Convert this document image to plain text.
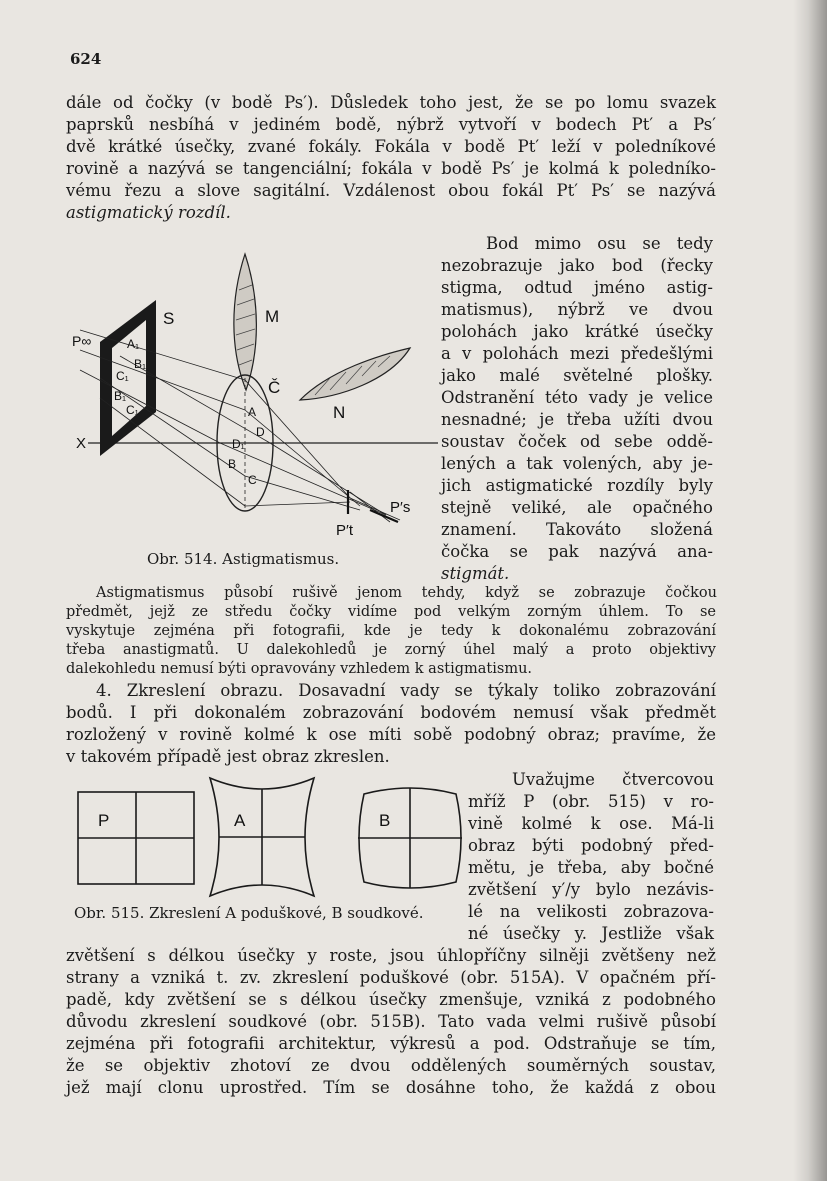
624
dále od čočky (v bodě Ps′). Důsledek toho jest, že se po lomu svazek
paprsků nesbíhá v jediném bodě, nýbrž vytvoří v bodech Pt′ a Ps′
dvě krátké úsečky, zvané fokály. Fokála v bodě Pt′ leží v poledníkové
rovině a nazývá se tangenciální; fokála v bodě Ps′ je kolmá k poledníko-
vému řezu a slove sagitální. Vzdálenost obou fokál Pt′ Ps′ se nazývá
astigmatický rozdíl.
Bod mimo osu se tedy
nezobrazuje jako bod (řecky
stigma, odtud jméno astig-
matismus), nýbrž ve dvou
polohách jako krátké úsečky
a v polohách mezi předešlými
jako malé světelné plošky.
Odstranění této vady je velice
nesnadné; je třeba užíti dvou
soustav čoček od sebe oddě-
lených a tak volených, aby je-
jich astigmatické rozdíly byly
stejně veliké, ale opačného
znamení. Takováto složená
čočka se pak nazývá ana-
stigmát.
S	M
Č
N
P∞
X
P′s
P′t
A₁
B₁
C₁
B₁
C₁	A
D
D₁
B
C
Obr. 514. Astigmatismus.
Astigmatismus působí rušivě jenom tehdy, když se zobrazuje čočkou
předmět, jejž ze středu čočky vidíme pod velkým zorným úhlem. To se
vyskytuje zejména při fotografii, kde je tedy k dokonalému zobrazování
třeba anastigmatů. U dalekohledů je zorný úhel malý a proto objektivy
dalekohledu nemusí býti opravovány vzhledem k astigmatismu.
4. Zkreslení obrazu. Dosavadní vady se týkaly toliko zobrazování
bodů. I při dokonalém zobrazování bodovém nemusí však předmět
rozložený v rovině kolmé k ose míti sobě podobný obraz; pravíme, že
v takovém případě jest obraz zkreslen.
Uvažujme čtvercovou
mříž P (obr. 515) v ro-
vině kolmé k ose. Má-li
obraz býti podobný před-
mětu, je třeba, aby bočné
zvětšení y′/y bylo nezávis-
lé na velikosti zobrazova-
né úsečky y. Jestliže však
P	A	B
Obr. 515. Zkreslení A poduškové, B soudkové.
zvětšení s délkou úsečky y roste, jsou úhlopříčny silněji zvětšeny než
strany a vzniká t. zv. zkreslení poduškové (obr. 515A). V opačném pří-
padě, kdy zvětšení se s délkou úsečky zmenšuje, vzniká z podobného
důvodu zkreslení soudkové (obr. 515B). Tato vada velmi rušivě působí
zejména při fotografii architektur, výkresů a pod. Odstraňuje se tím,
že se objektiv zhotoví ze dvou oddělených souměrných soustav,
jež mají clonu uprostřed. Tím se dosáhne toho, že každá z obou
